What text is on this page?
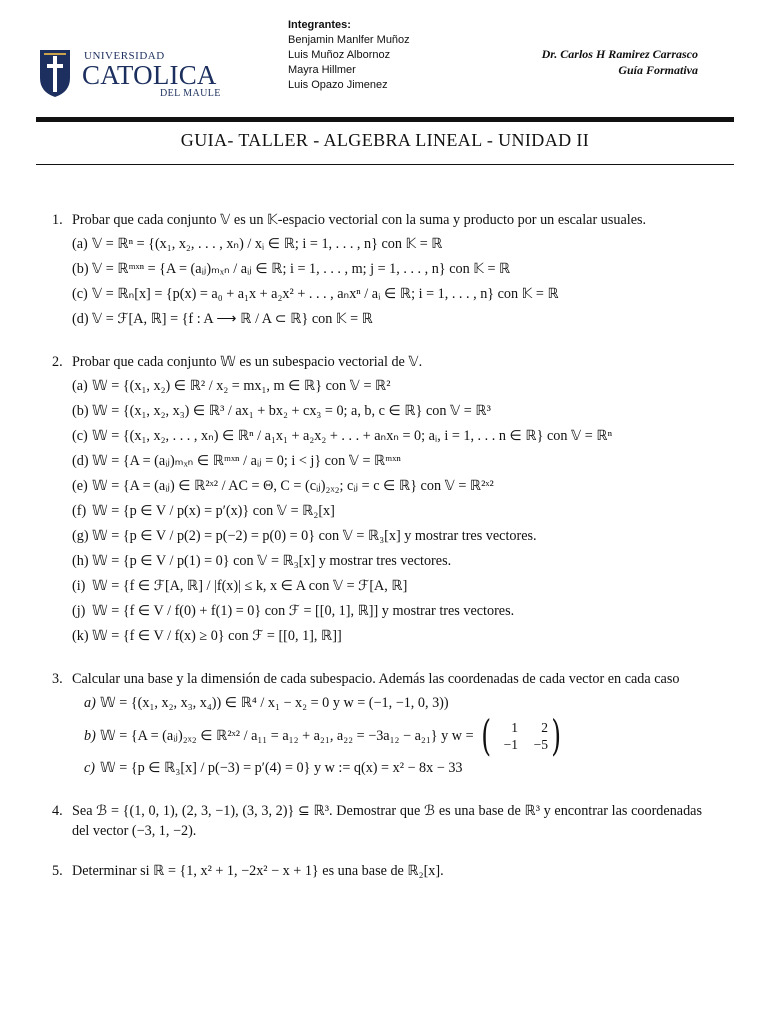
UNIVERSIDAD
CATOLICA
DEL MAULE
Integrantes:
Benjamin Manlfer Muñoz
Luis Muñoz Albornoz
Mayra Hillmer
Luis Opazo Jimenez
Dr. Carlos H Ramirez Carrasco
Guía Formativa
GUIA- TALLER - ALGEBRA LINEAL - UNIDAD II
1. Probar que cada conjunto 𝕍 es un 𝕂-espacio vectorial con la suma y producto por un escalar usuales.
(a) 𝕍 = ℝⁿ = {(x₁, x₂, . . . , xₙ) / xᵢ ∈ ℝ; i = 1, . . . , n} con 𝕂 = ℝ
(b) 𝕍 = ℝᵐˣⁿ = {A = (aᵢⱼ)ₘₓₙ / aᵢⱼ ∈ ℝ; i = 1, . . . , m; j = 1, . . . , n} con 𝕂 = ℝ
(c) 𝕍 = ℝₙ[x] = {p(x) = a₀ + a₁x + a₂x² + . . . , aₙxⁿ / aᵢ ∈ ℝ; i = 1, . . . , n} con 𝕂 = ℝ
(d) 𝕍 = ℱ[A, ℝ] = {f : A ⟶ ℝ / A ⊂ ℝ} con 𝕂 = ℝ
2. Probar que cada conjunto 𝕎 es un subespacio vectorial de 𝕍.
(a) 𝕎 = {(x₁, x₂) ∈ ℝ² / x₂ = mx₁, m ∈ ℝ} con 𝕍 = ℝ²
(b) 𝕎 = {(x₁, x₂, x₃) ∈ ℝ³ / ax₁ + bx₂ + cx₃ = 0; a, b, c ∈ ℝ} con 𝕍 = ℝ³
(c) 𝕎 = {(x₁, x₂, . . . , xₙ) ∈ ℝⁿ / a₁x₁ + a₂x₂ + . . . + aₙxₙ = 0; aᵢ, i = 1, . . . n ∈ ℝ} con 𝕍 = ℝⁿ
(d) 𝕎 = {A = (aᵢⱼ)ₘₓₙ ∈ ℝᵐˣⁿ / aᵢⱼ = 0; i < j} con 𝕍 = ℝᵐˣⁿ
(e) 𝕎 = {A = (aᵢⱼ) ∈ ℝ²ˣ² / AC = Θ, C = (cᵢⱼ)₂ₓ₂; cᵢⱼ = c ∈ ℝ} con 𝕍 = ℝ²ˣ²
(f) 𝕎 = {p ∈ V / p(x) = p′(x)} con 𝕍 = ℝ₂[x]
(g) 𝕎 = {p ∈ V / p(2) = p(−2) = p(0) = 0} con 𝕍 = ℝ₃[x] y mostrar tres vectores.
(h) 𝕎 = {p ∈ V / p(1) = 0} con 𝕍 = ℝ₃[x] y mostrar tres vectores.
(i) 𝕎 = {f ∈ ℱ[A, ℝ] / |f(x)| ≤ k, x ∈ A con 𝕍 = ℱ[A, ℝ]
(j) 𝕎 = {f ∈ V / f(0) + f(1) = 0} con ℱ = [[0, 1], ℝ]] y mostrar tres vectores.
(k) 𝕎 = {f ∈ V / f(x) ≥ 0} con ℱ = [[0, 1], ℝ]]
3. Calcular una base y la dimensión de cada subespacio. Además las coordenadas de cada vector en cada caso
a) 𝕎 = {(x₁, x₂, x₃, x₄)) ∈ ℝ⁴ / x₁ − x₂ = 0 y w = (−1, −1, 0, 3))
b) 𝕎 = {A = (aᵢⱼ)₂ₓ₂ ∈ ℝ²ˣ² / a₁₁ = a₁₂ + a₂₁, a₂₂ = −3a₁₂ − a₂₁} y w = (	1	2
−1	−5 )
c) 𝕎 = {p ∈ ℝ₃[x] / p(−3) = p′(4) = 0} y w := q(x) = x² − 8x − 33
4. Sea ℬ = {(1, 0, 1), (2, 3, −1), (3, 3, 2)} ⊆ ℝ³. Demostrar que ℬ es una base de ℝ³ y encontrar las coordenadas del vector (−3, 1, −2).
5. Determinar si ℝ = {1, x² + 1, −2x² − x + 1} es una base de ℝ₂[x].
